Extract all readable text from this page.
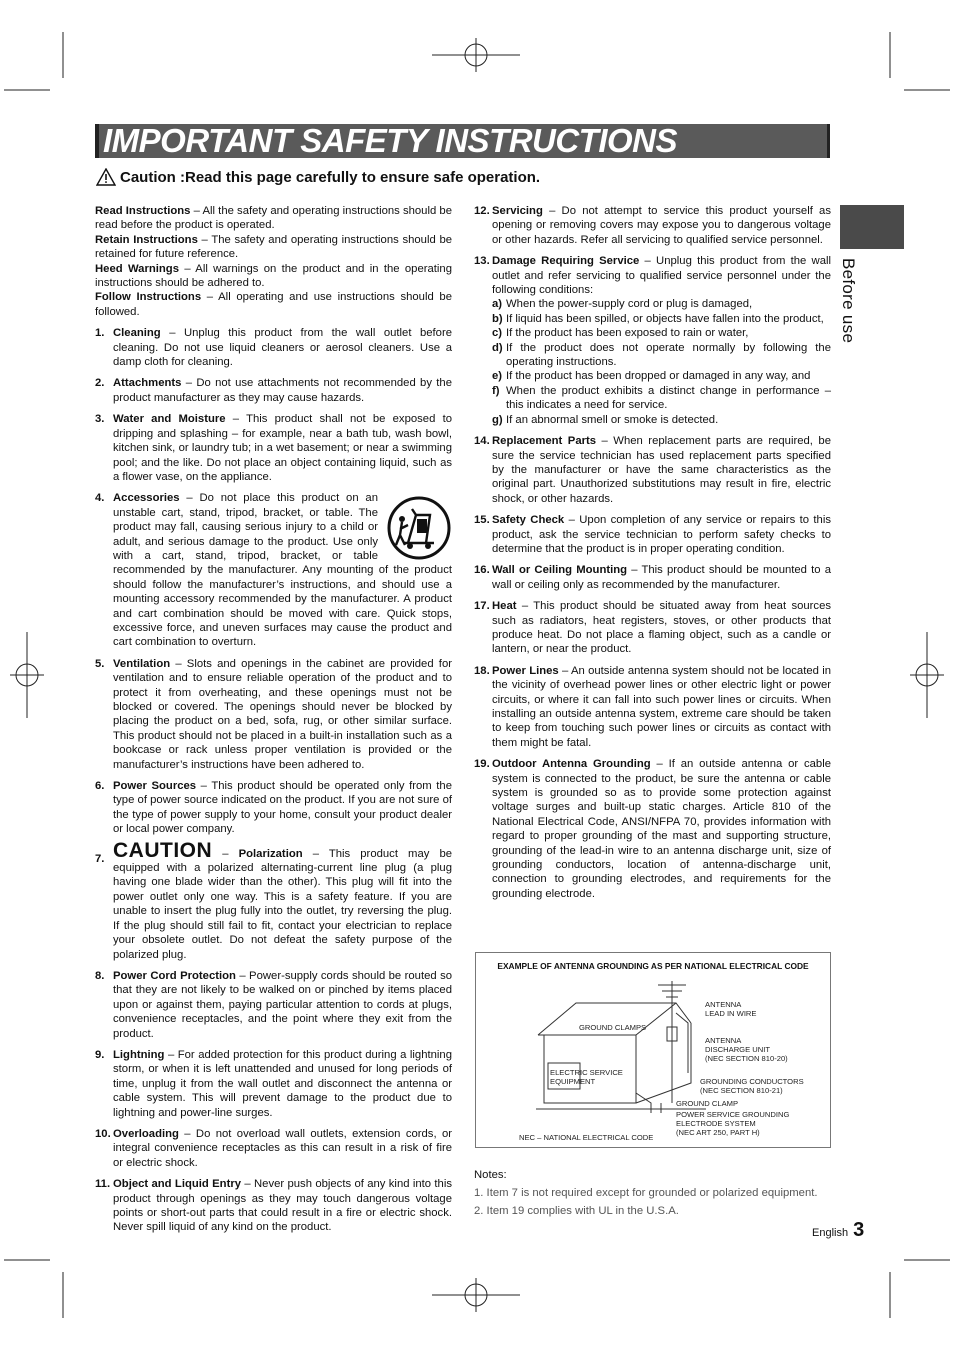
IMPORTANT SAFETY INSTRUCTIONS
Caution :Read this page carefully to ensure safe operation.
Before use

Read Instructions – All the safety and operating instructions should be read before the product is operated.

Retain Instructions – The safety and operating instructions should be retained for future reference.

Heed Warnings – All warnings on the product and in the operating instructions should be adhered to.

Follow Instructions – All operating and use instructions should be followed.

1. Cleaning – Unplug this product from the wall outlet before cleaning. Do not use liquid cleaners or aerosol cleaners. Use a damp cloth for cleaning.
2. Attachments – Do not use attachments not recommended by the product manufacturer as they may cause hazards.
3. Water and Moisture – This product shall not be exposed to dripping and splashing – for example, near a bath tub, wash bowl, kitchen sink, or laundry tub; in a wet basement; or near a swimming pool; and the like. Do not place an object containing liquid, such as a flower vase, on the appliance.
4. Accessories – Do not place this product on an unstable cart, stand, tripod, bracket, or table. The product may fall, causing serious injury to a child or adult, and serious damage to the product. Use only with a cart, stand, tripod, bracket, or table recommended by the manufacturer. Any mounting of the product should follow the manufacturer’s instructions, and should use a mounting accessory recommended by the manufacturer. A product and cart combination should be moved with care. Quick stops, excessive force, and uneven surfaces may cause the product and cart combination to overturn.
5. Ventilation – Slots and openings in the cabinet are provided for ventilation and to ensure reliable operation of the product and to protect it from overheating, and these openings must not be blocked or covered. The openings should never be blocked by placing the product on a bed, sofa, rug, or other similar surface. This product should not be placed in a built-in installation such as a bookcase or rack unless proper ventilation is provided or the manufacturer’s instructions have been adhered to.
6. Power Sources – This product should be operated only from the type of power source indicated on the product. If you are not sure of the type of power supply to your home, consult your product dealer or local power company.
7. CAUTION – Polarization – This product may be equipped with a polarized alternating-current line plug (a plug having one blade wider than the other). This plug will fit into the power outlet only one way. This is a safety feature. If you are unable to insert the plug fully into the outlet, try reversing the plug. If the plug should still fail to fit, contact your electrician to replace your obsolete outlet. Do not defeat the safety purpose of the polarized plug.
8. Power Cord Protection – Power-supply cords should be routed so that they are not likely to be walked on or pinched by items placed upon or against them, paying particular attention to cords at plugs, convenience receptacles, and the point where they exit from the product.
9. Lightning – For added protection for this product during a lightning storm, or when it is left unattended and unused for long periods of time, unplug it from the wall outlet and disconnect the antenna or cable system. This will prevent damage to the product due to lightning and power-line surges.
10. Overloading – Do not overload wall outlets, extension cords, or integral convenience receptacles as this can result in a risk of fire or electric shock.
11. Object and Liquid Entry – Never push objects of any kind into this product through openings as they may touch dangerous voltage points or short-out parts that could result in a fire or electric shock. Never spill liquid of any kind on the product.
12. Servicing – Do not attempt to service this product yourself as opening or removing covers may expose you to dangerous voltage or other hazards. Refer all servicing to qualified service personnel.
13. Damage Requiring Service – Unplug this product from the wall outlet and refer servicing to qualified service personnel under the following conditions:
a) When the power-supply cord or plug is damaged,
b) If liquid has been spilled, or objects have fallen into the product,
c) If the product has been exposed to rain or water,
d) If the product does not operate normally by following the operating instructions.
e) If the product has been dropped or damaged in any way, and
f) When the product exhibits a distinct change in performance – this indicates a need for service.
g) If an abnormal smell or smoke is detected.
14. Replacement Parts – When replacement parts are required, be sure the service technician has used replacement parts specified by the manufacturer or have the same characteristics as the original part. Unauthorized substitutions may result in fire, electric shock, or other hazards.
15. Safety Check – Upon completion of any service or repairs to this product, ask the service technician to perform safety checks to determine that the product is in proper operating condition.
16. Wall or Ceiling Mounting – This product should be mounted to a wall or ceiling only as recommended by the manufacturer.
17. Heat – This product should be situated away from heat sources such as radiators, heat registers, stoves, or other products that produce heat. Do not place a flaming object, such as a candle or lantern, or near the product.
18. Power Lines – An outside antenna system should not be located in the vicinity of overhead power lines or other electric light or power circuits, or where it can fall into such power lines or circuits. When installing an outside antenna system, extreme care should be taken to keep from touching such power lines or circuits as contact with them might be fatal.
19. Outdoor Antenna Grounding – If an outside antenna or cable system is connected to the product, be sure the antenna or cable system is grounded so as to provide some protection against voltage surges and built-up static charges. Article 810 of the National Electrical Code, ANSI/NFPA 70, provides information with regard to proper grounding of the mast and supporting structure, grounding of the lead-in wire to an antenna discharge unit, size of grounding conductors, location of antenna-discharge unit, connection to grounding electrodes, and requirements for the grounding electrode.
EXAMPLE OF ANTENNA GROUNDING AS PER NATIONAL ELECTRICAL CODE
ANTENNA
LEAD IN WIRE
GROUND CLAMPS
ANTENNA
DISCHARGE UNIT
(NEC SECTION 810-20)
ELECTRIC SERVICE
EQUIPMENT	GROUNDING CONDUCTORS
(NEC SECTION 810-21)
GROUND CLAMP
POWER SERVICE GROUNDING
ELECTRODE SYSTEM
(NEC ART 250, PART H)
NEC – NATIONAL ELECTRICAL CODE
Notes:
1. Item 7 is not required except for grounded or polarized equipment.
2. Item 19 complies with UL in the U.S.A.
English 3
